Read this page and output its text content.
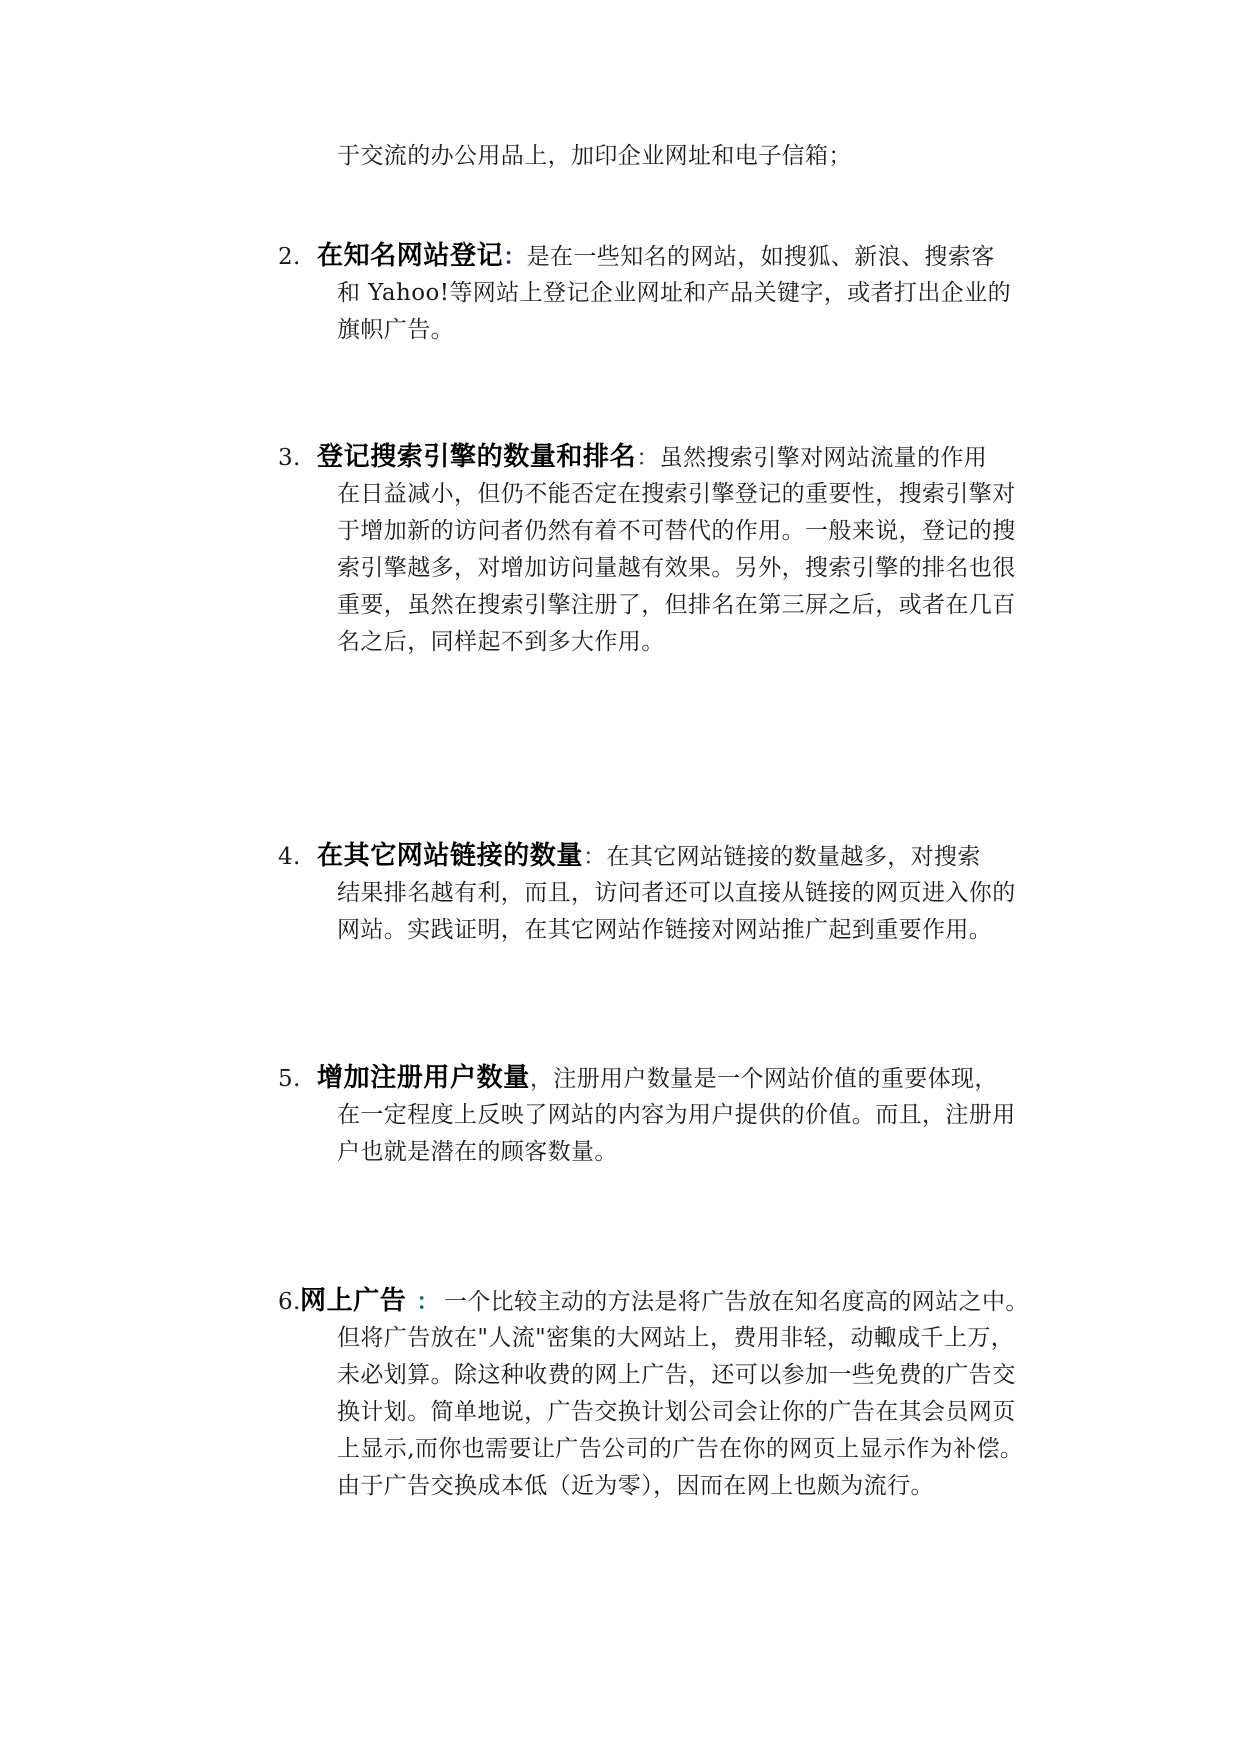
于交流的办公用品上，加印企业网址和电子信箱；
2. 在知名网站登记：是在一些知名的网站，如搜狐、新浪、搜索客
和 Yahoo!等网站上登记企业网址和产品关键字，或者打出企业的
旗帜广告。
3. 登记搜索引擎的数量和排名：虽然搜索引擎对网站流量的作用
在日益减小，但仍不能否定在搜索引擎登记的重要性，搜索引擎对
于增加新的访问者仍然有着不可替代的作用。一般来说，登记的搜
索引擎越多，对增加访问量越有效果。另外，搜索引擎的排名也很
重要，虽然在搜索引擎注册了，但排名在第三屏之后，或者在几百
名之后，同样起不到多大作用。
4. 在其它网站链接的数量：在其它网站链接的数量越多，对搜索
结果排名越有利，而且，访问者还可以直接从链接的网页进入你的
网站。实践证明，在其它网站作链接对网站推广起到重要作用。
5. 增加注册用户数量，注册用户数量是一个网站价值的重要体现，
在一定程度上反映了网站的内容为用户提供的价值。而且，注册用
户也就是潜在的顾客数量。
6.网上广告 ： 一个比较主动的方法是将广告放在知名度高的网站之中。
但将广告放在"人流"密集的大网站上，费用非轻，动輙成千上万，
未必划算。除这种收费的网上广告，还可以参加一些免费的广告交
换计划。简单地说，广告交换计划公司会让你的广告在其会员网页
上显示,而你也需要让广告公司的广告在你的网页上显示作为补偿。
由于广告交换成本低（近为零），因而在网上也颇为流行。
